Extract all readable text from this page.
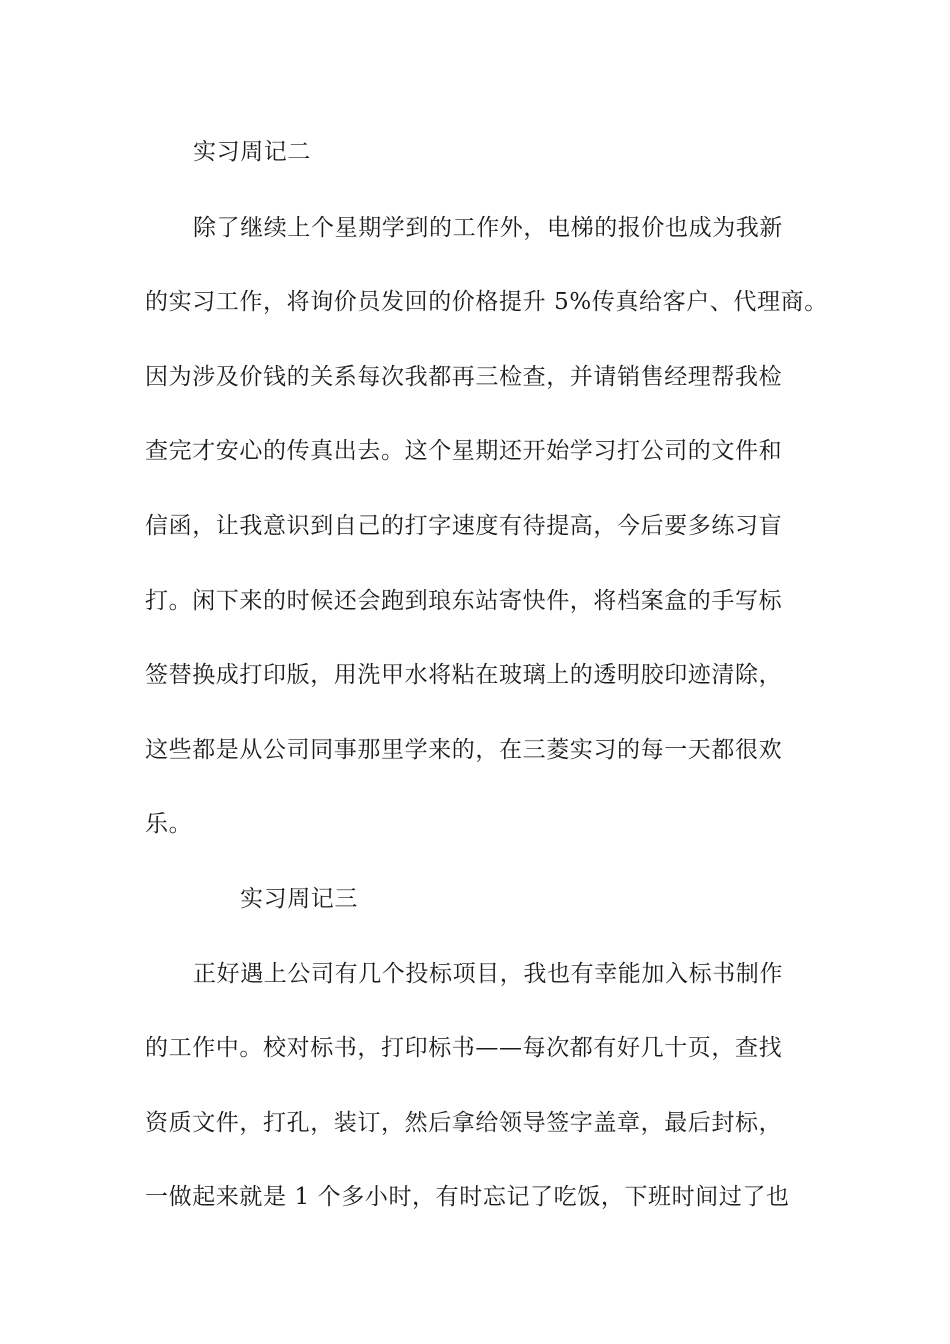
实习周记二
除了继续上个星期学到的工作外，电梯的报价也成为我新
的实习工作，将询价员发回的价格提升 5%传真给客户、代理商。
因为涉及价钱的关系每次我都再三检查，并请销售经理帮我检
查完才安心的传真出去。这个星期还开始学习打公司的文件和
信函，让我意识到自己的打字速度有待提高，今后要多练习盲
打。闲下来的时候还会跑到琅东站寄快件，将档案盒的手写标
签替换成打印版，用洗甲水将粘在玻璃上的透明胶印迹清除，
这些都是从公司同事那里学来的，在三菱实习的每一天都很欢
乐。
实习周记三
正好遇上公司有几个投标项目，我也有幸能加入标书制作
的工作中。校对标书，打印标书——每次都有好几十页，查找
资质文件，打孔，装订，然后拿给领导签字盖章，最后封标，
一做起来就是 1 个多小时，有时忘记了吃饭，下班时间过了也
